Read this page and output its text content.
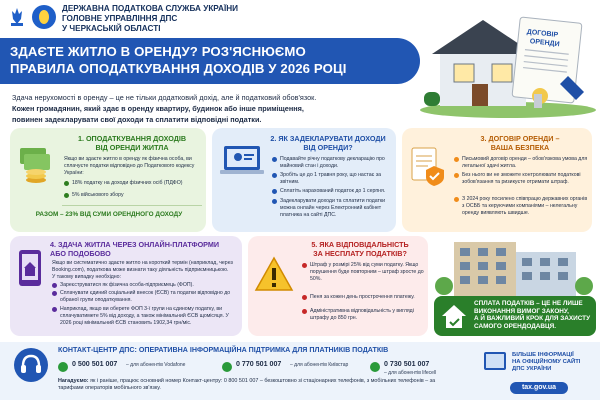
ДЕРЖАВНА ПОДАТКОВА СЛУЖБА УКРАЇНИ
ГОЛОВНЕ УПРАВЛІННЯ ДПС
У ЧЕРКАСЬКІЙ ОБЛАСТІ
ЗДАЄТЕ ЖИТЛО В ОРЕНДУ? РОЗ'ЯСНЮЄМО
ПРАВИЛА ОПОДАТКУВАННЯ ДОХОДІВ У 2026 РОЦІ
ДОГОВІР
ОРЕНДИ
Здача нерухомості в оренду – це не тільки додатковий дохід, але й податковий обов'язок.
Кожен громадянин, який здає в оренду квартиру, будинок або інше приміщення,
повинен задекларувати свої доходи та сплатити відповідні податки.
1. ОПОДАТКУВАННЯ ДОХОДІВ
ВІД ОРЕНДИ ЖИТЛА
Якщо ви здаєте житло в оренду як фізична особа, ви сплачуєте податки відповідно до Податкового кодексу України:
18% податку на доходи фізичних осіб (ПДФО)
5% військового збору
РАЗОМ – 23% ВІД СУМИ ОРЕНДНОГО ДОХОДУ
2. ЯК ЗАДЕКЛАРУВАТИ ДОХОДИ
ВІД ОРЕНДИ?
Подавайте річну податкову декларацію про майновий стан і доходи.
Зробіть це до 1 травня року, що настає за звітним.
Сплатіть нарахований податок до 1 серпня.
Задекларувати доходи та сплатити податки можна онлайн через Електронний кабінет платника на сайті ДПС.
3. ДОГОВІР ОРЕНДИ –
ВАША БЕЗПЕКА
Письмовий договір оренди – обов'язкова умова для легальної здачі житла.
Без нього ви не зможете контролювати податкові зобов'язання та ризикуєте отримати штраф.
З 2024 року посилено співпрацю державних органів з ОСББ та керуючими компаніями – нелегальну оренду виявляють швидше.
4. ЗДАЧА ЖИТЛА ЧЕРЕЗ ОНЛАЙН-ПЛАТФОРМИ
АБО ПОДОБОВО
Якщо ви систематично здаєте житло на короткий термін (наприклад, через Booking.com), податкова може визнати таку діяльність підприємницькою.
У такому випадку необхідно:
Зареєструватися як фізична особа-підприємець (ФОП).
Сплачувати єдиний соціальний внесок (ЄСВ) та податки відповідно до обраної групи оподаткування.
Наприклад, якщо ви оберете ФОП 3-ї групи на єдиному податку, ви сплачуватимете 5% від доходу, а також мінімальний ЄСВ щомісяця. У 2026 році мінімальний ЄСВ становить 1902,34 грн/міс.
5. ЯКА ВІДПОВІДАЛЬНІСТЬ
ЗА НЕСПЛАТУ ПОДАТКІВ?
Штраф у розмірі 25% від суми податку. Якщо порушення буде повторним – штраф зросте до 50%.
Пеня за кожен день прострочення платежу.
Адміністративна відповідальність у вигляді штрафу до 850 грн.
СПЛАТА ПОДАТКІВ – ЦЕ НЕ ЛИШЕ
ВИКОНАННЯ ВИМОГ ЗАКОНУ,
А Й ВАЖЛИВИЙ КРОК ДЛЯ ЗАХИСТУ
САМОГО ОРЕНДОДАВЦЯ.
КОНТАКТ-ЦЕНТР ДПС: ОПЕРАТИВНА ІНФОРМАЦІЙНА ПІДТРИМКА ДЛЯ ПЛАТНИКІВ ПОДАТКІВ
0 500 501 007 – для абонентів Vodafone	0 770 501 007 – для абонентів Київстар	0 730 501 007
– для абонентів lifecell
Нагадуємо: як і раніше, працює основний номер Контакт-центру: 0 800 501 007 – безкоштовно зі стаціонарних телефонів, з мобільних телефонів – за тарифами операторів мобільного зв'язку.
БІЛЬШЕ ІНФОРМАЦІЇ
НА ОФІЦІЙНОМУ САЙТІ
ДПС УКРАЇНИ
tax.gov.ua
